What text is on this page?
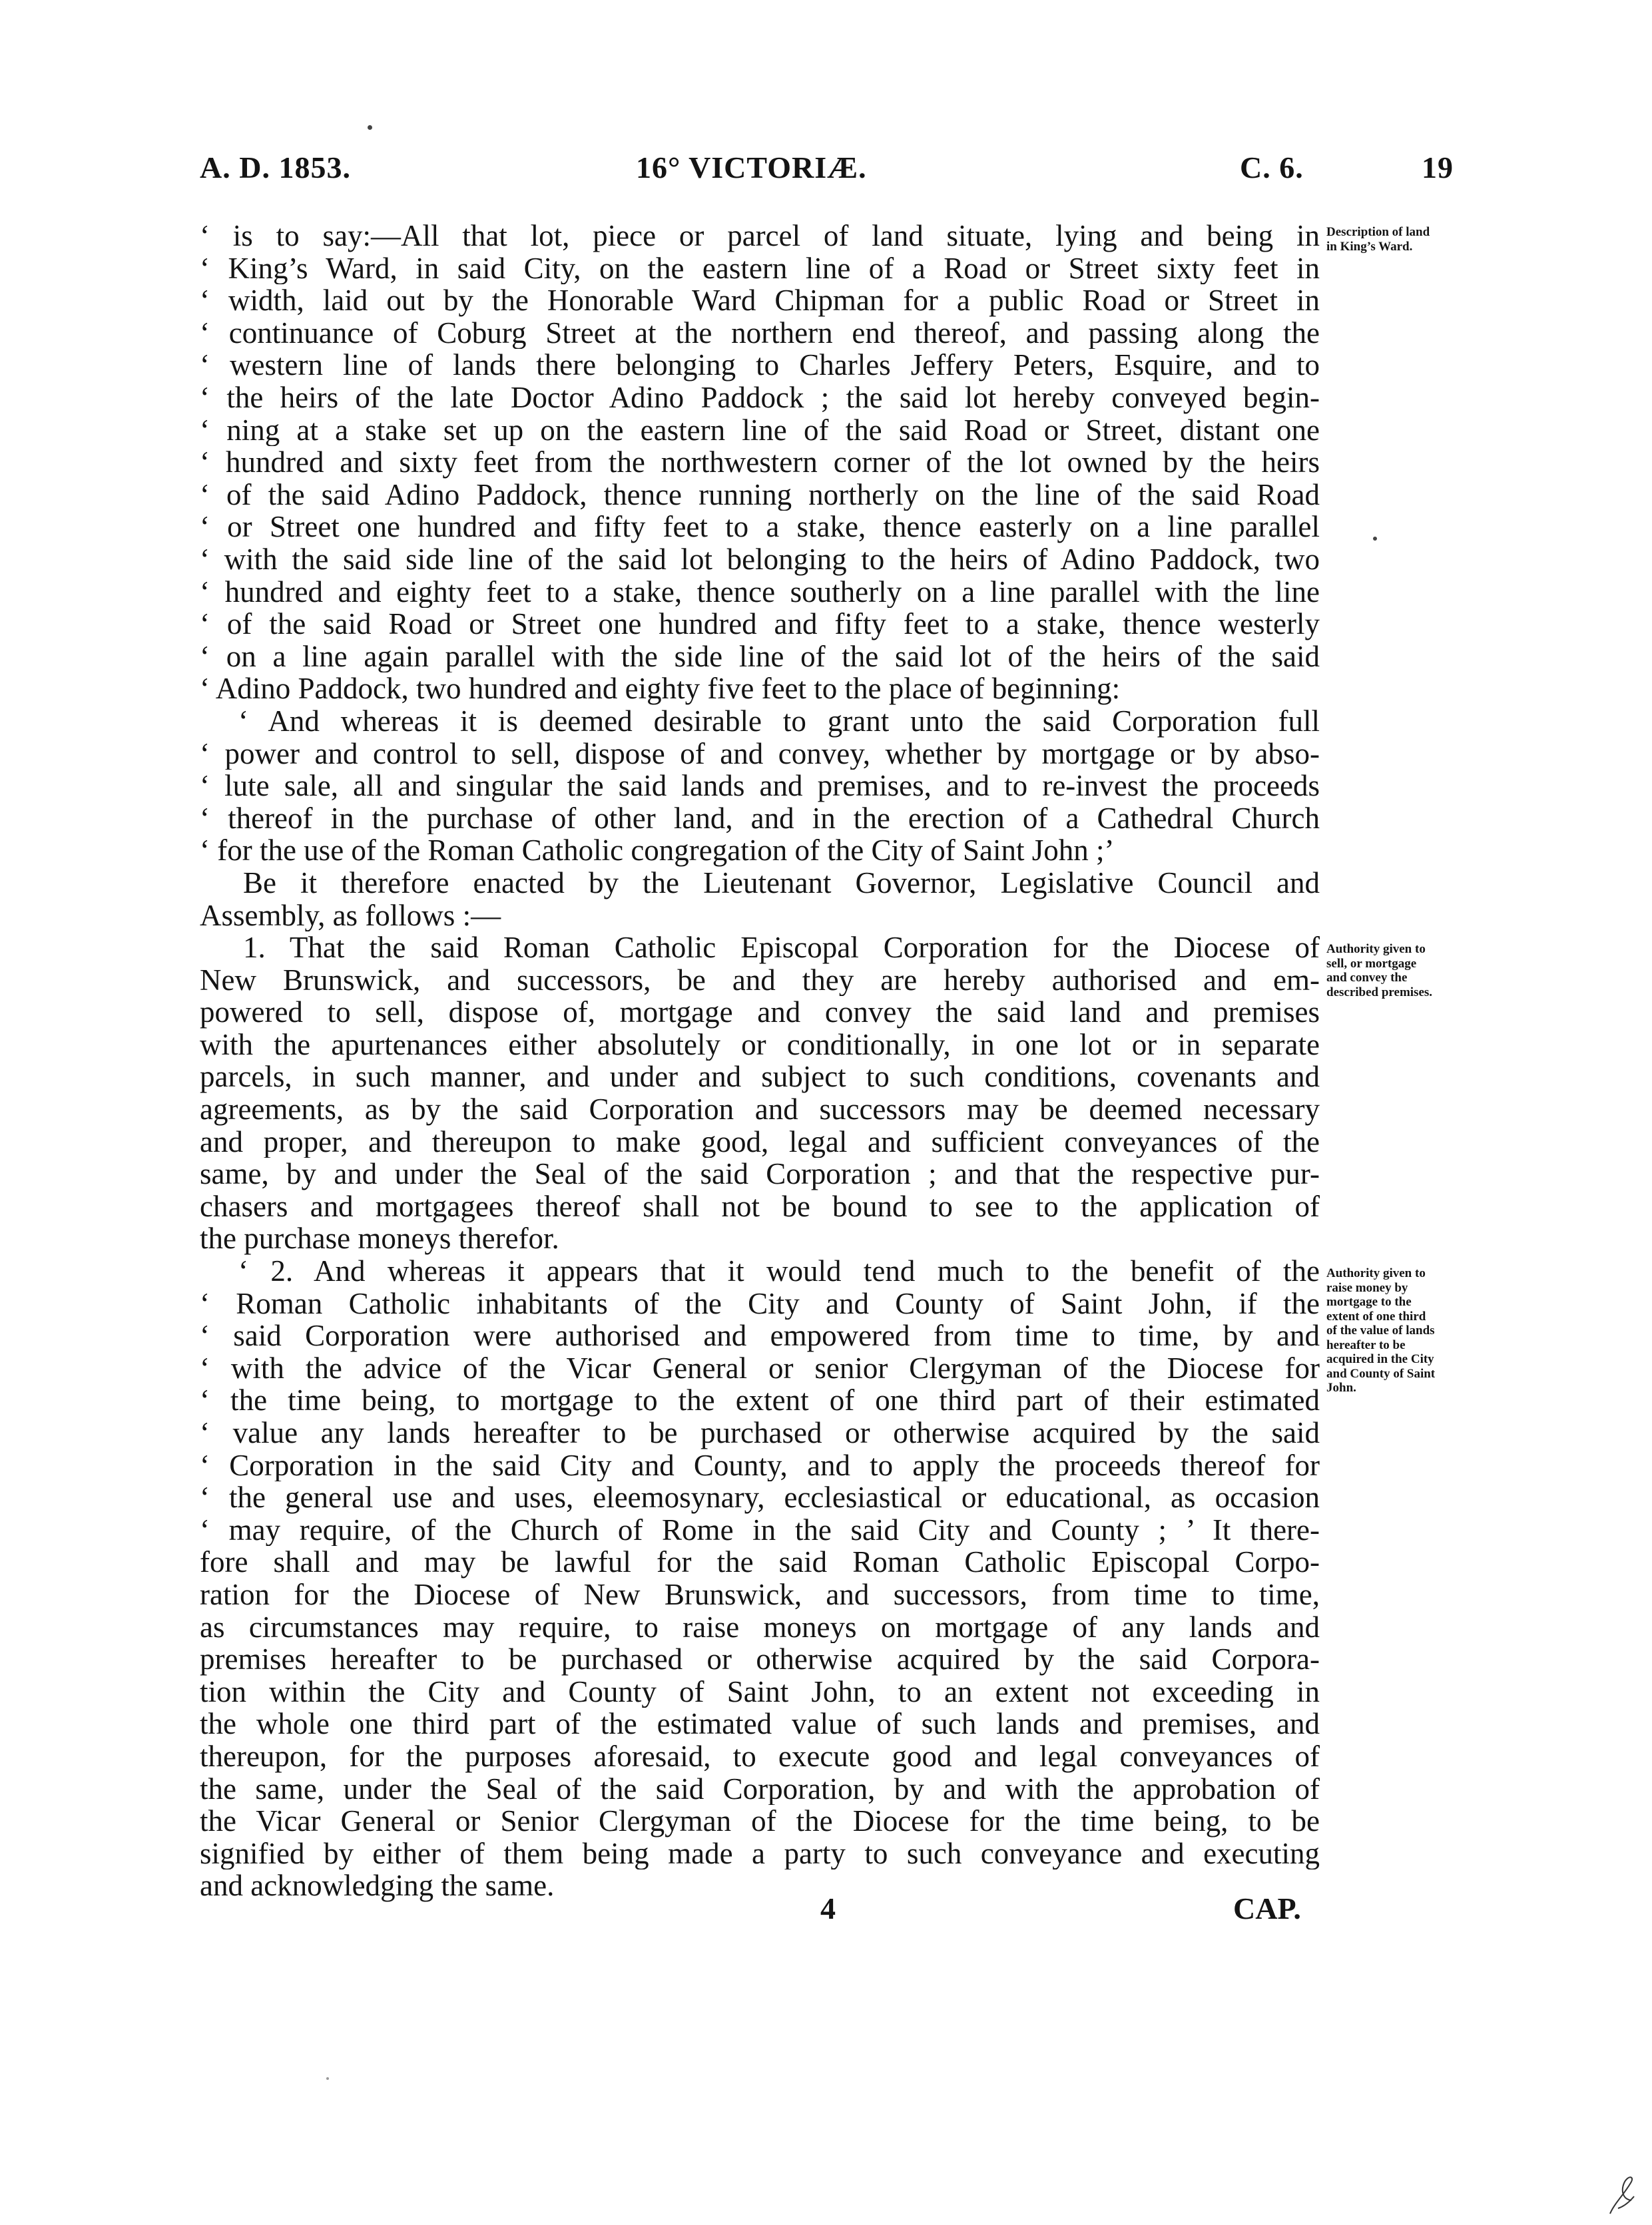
A. D. 1853.	16° VICTORIÆ.	C. 6.	19
‘ is to say:—All that lot, piece or parcel of land situate, lying and being in
‘ King’s Ward, in said City, on the eastern line of a Road or Street sixty feet in
‘ width, laid out by the Honorable Ward Chipman for a public Road or Street in
‘ continuance of Coburg Street at the northern end thereof, and passing along the
‘ western line of lands there belonging to Charles Jeffery Peters, Esquire, and to
‘ the heirs of the late Doctor Adino Paddock ; the said lot hereby conveyed begin-
‘ ning at a stake set up on the eastern line of the said Road or Street, distant one
‘ hundred and sixty feet from the northwestern corner of the lot owned by the heirs
‘ of the said Adino Paddock, thence running northerly on the line of the said Road
‘ or Street one hundred and fifty feet to a stake, thence easterly on a line parallel
‘ with the said side line of the said lot belonging to the heirs of Adino Paddock, two
‘ hundred and eighty feet to a stake, thence southerly on a line parallel with the line
‘ of the said Road or Street one hundred and fifty feet to a stake, thence westerly
‘ on a line again parallel with the side line of the said lot of the heirs of the said
‘ Adino Paddock, two hundred and eighty five feet to the place of beginning:
‘ And whereas it is deemed desirable to grant unto the said Corporation full
‘ power and control to sell, dispose of and convey, whether by mortgage or by abso-
‘ lute sale, all and singular the said lands and premises, and to re-invest the proceeds
‘ thereof in the purchase of other land, and in the erection of a Cathedral Church
‘ for the use of the Roman Catholic congregation of the City of Saint John ;’
Be it therefore enacted by the Lieutenant Governor, Legislative Council and
Assembly, as follows :—
1. That the said Roman Catholic Episcopal Corporation for the Diocese of
New Brunswick, and successors, be and they are hereby authorised and em-
powered to sell, dispose of, mortgage and convey the said land and premises
with the apurtenances either absolutely or conditionally, in one lot or in separate
parcels, in such manner, and under and subject to such conditions, covenants and
agreements, as by the said Corporation and successors may be deemed necessary
and proper, and thereupon to make good, legal and sufficient conveyances of the
same, by and under the Seal of the said Corporation ; and that the respective pur-
chasers and mortgagees thereof shall not be bound to see to the application of
the purchase moneys therefor.
‘ 2. And whereas it appears that it would tend much to the benefit of the
‘ Roman Catholic inhabitants of the City and County of Saint John, if the
‘ said Corporation were authorised and empowered from time to time, by and
‘ with the advice of the Vicar General or senior Clergyman of the Diocese for
‘ the time being, to mortgage to the extent of one third part of their estimated
‘ value any lands hereafter to be purchased or otherwise acquired by the said
‘ Corporation in the said City and County, and to apply the proceeds thereof for
‘ the general use and uses, eleemosynary, ecclesiastical or educational, as occasion
‘ may require, of the Church of Rome in the said City and County ; ’ It there-
fore shall and may be lawful for the said Roman Catholic Episcopal Corpo-
ration for the Diocese of New Brunswick, and successors, from time to time,
as circumstances may require, to raise moneys on mortgage of any lands and
premises hereafter to be purchased or otherwise acquired by the said Corpora-
tion within the City and County of Saint John, to an extent not exceeding in
the whole one third part of the estimated value of such lands and premises, and
thereupon, for the purposes aforesaid, to execute good and legal conveyances of
the same, under the Seal of the said Corporation, by and with the approbation of
the Vicar General or Senior Clergyman of the Diocese for the time being, to be
signified by either of them being made a party to such conveyance and executing
and acknowledging the same.
Description of land
in King’s Ward.
Authority given to
sell, or mortgage
and convey the
described premises.
Authority given to
raise money by
mortgage to the
extent of one third
of the value of lands
hereafter to be
acquired in the City
and County of Saint
John.
4	CAP.
